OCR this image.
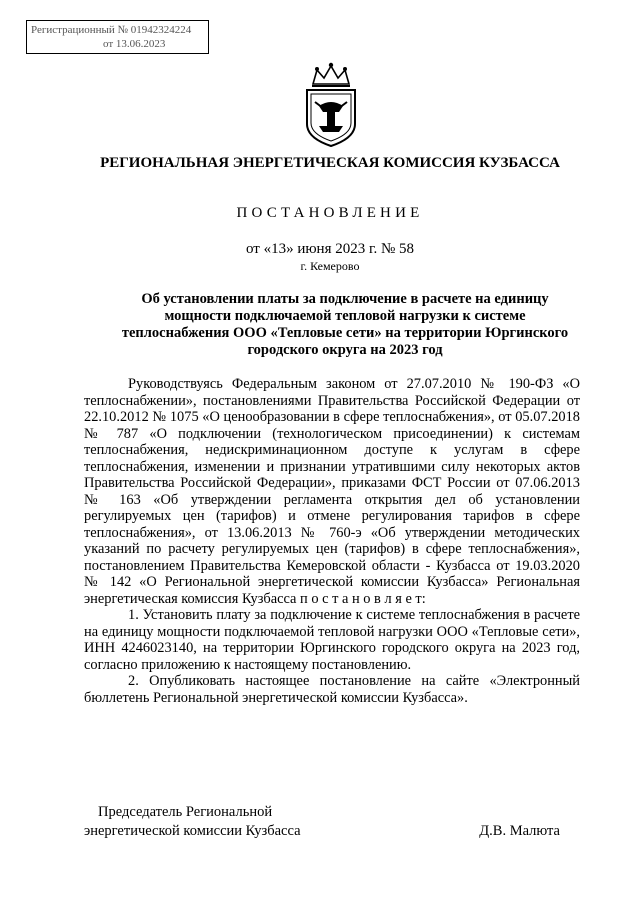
Регистрационный № 01942324224
от 13.06.2023
РЕГИОНАЛЬНАЯ ЭНЕРГЕТИЧЕСКАЯ КОМИССИЯ КУЗБАССА
ПОСТАНОВЛЕНИЕ
от «13» июня 2023 г. № 58
г. Кемерово
Об установлении платы за подключение в расчете на единицу мощности подключаемой тепловой нагрузки к системе теплоснабжения ООО «Тепловые сети» на территории Юргинского городского округа на 2023 год

Руководствуясь Федеральным законом от 27.07.2010 № 190-ФЗ «О теплоснабжении», постановлениями Правительства Российской Федерации от 22.10.2012 № 1075 «О ценообразовании в сфере теплоснабжения», от 05.07.2018 № 787 «О подключении (технологическом присоединении) к системам теплоснабжения, недискриминационном доступе к услугам в сфере теплоснабжения, изменении и признании утратившими силу некоторых актов Правительства Российской Федерации», приказами ФСТ России от 07.06.2013 № 163 «Об утверждении регламента открытия дел об установлении регулируемых цен (тарифов) и отмене регулирования тарифов в сфере теплоснабжения», от 13.06.2013 № 760-э «Об утверждении методических указаний по расчету регулируемых цен (тарифов) в сфере теплоснабжения», постановлением Правительства Кемеровской области - Кузбасса от 19.03.2020 № 142 «О Региональной энергетической комиссии Кузбасса» Региональная энергетическая комиссия Кузбасса п о с т а н о в л я е т:

1. Установить плату за подключение к системе теплоснабжения в расчете на единицу мощности подключаемой тепловой нагрузки ООО «Тепловые сети», ИНН 4246023140, на территории Юргинского городского округа на 2023 год, согласно приложению к настоящему постановлению.

2. Опубликовать настоящее постановление на сайте «Электронный бюллетень Региональной энергетической комиссии Кузбасса».

Председатель Региональной
энергетической комиссии Кузбасса	Д.В. Малюта
